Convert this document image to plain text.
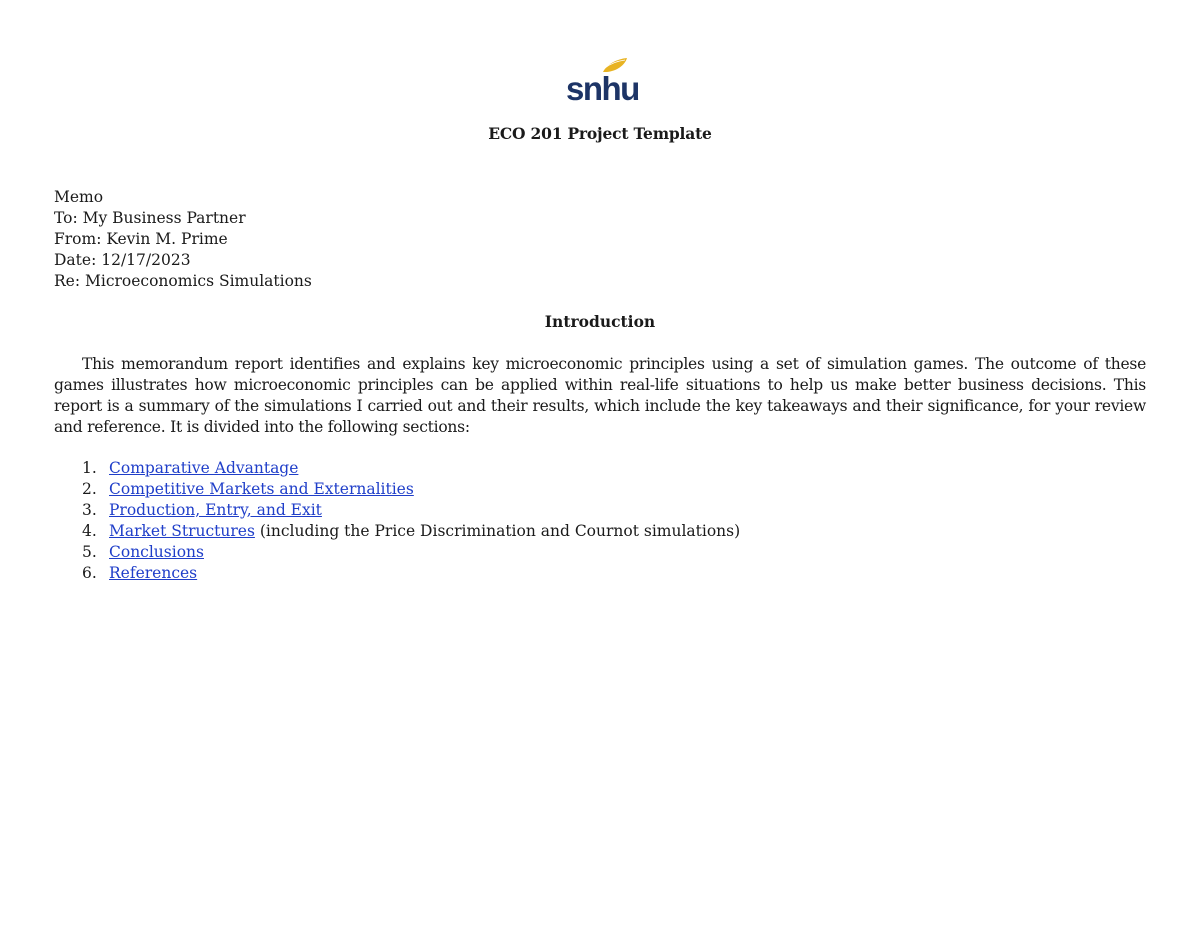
snhu
ECO 201 Project Template
Memo
To: My Business Partner
From: Kevin M. Prime
Date: 12/17/2023
Re: Microeconomics Simulations
Introduction
This memorandum report identifies and explains key microeconomic principles using a set of simulation games. The outcome of these games illustrates how microeconomic principles can be applied within real-life situations to help us make better business decisions. This report is a summary of the simulations I carried out and their results, which include the key takeaways and their significance, for your review and reference. It is divided into the following sections:
1. Comparative Advantage
2. Competitive Markets and Externalities
3. Production, Entry, and Exit
4. Market Structures (including the Price Discrimination and Cournot simulations)
5. Conclusions
6. References
